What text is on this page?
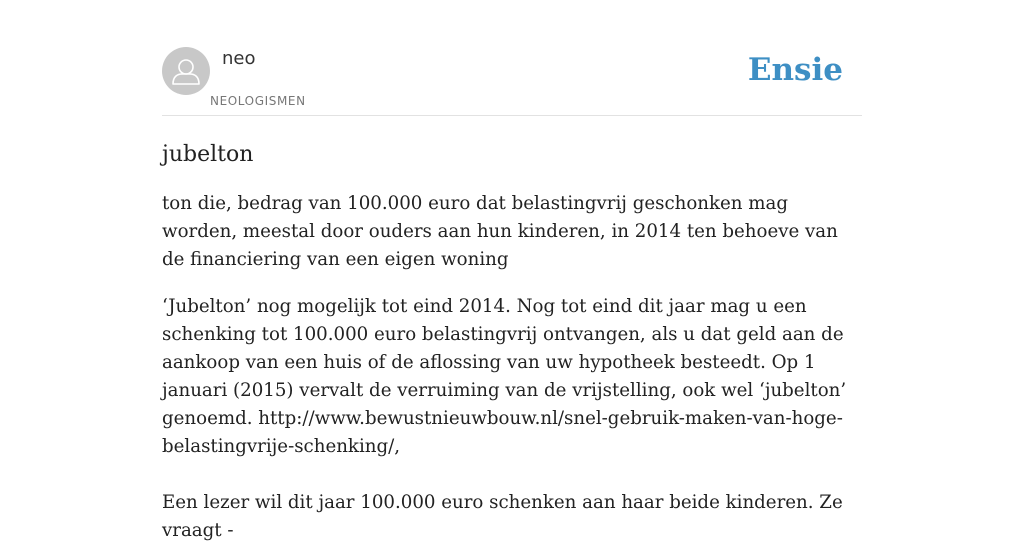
neo
NEOLOGISMEN
Ensie
jubelton

ton die, bedrag van 100.000 euro dat belastingvrij geschonken mag worden, meestal door ouders aan hun kinderen, in 2014 ten behoeve van de financiering van een eigen woning

‘Jubelton’ nog mogelijk tot eind 2014. Nog tot eind dit jaar mag u een schenking tot 100.000 euro belastingvrij ontvangen, als u dat geld aan de aankoop van een huis of de aflossing van uw hypotheek besteedt. Op 1 januari (2015) vervalt de verruiming van de vrijstelling, ook wel ‘jubelton’ genoemd. http://www.bewustnieuwbouw.nl/snel-gebruik-maken-van-hoge-belastingvrije-schenking/,

Een lezer wil dit jaar 100.000 euro schenken aan haar beide kinderen. Ze vraagt -
